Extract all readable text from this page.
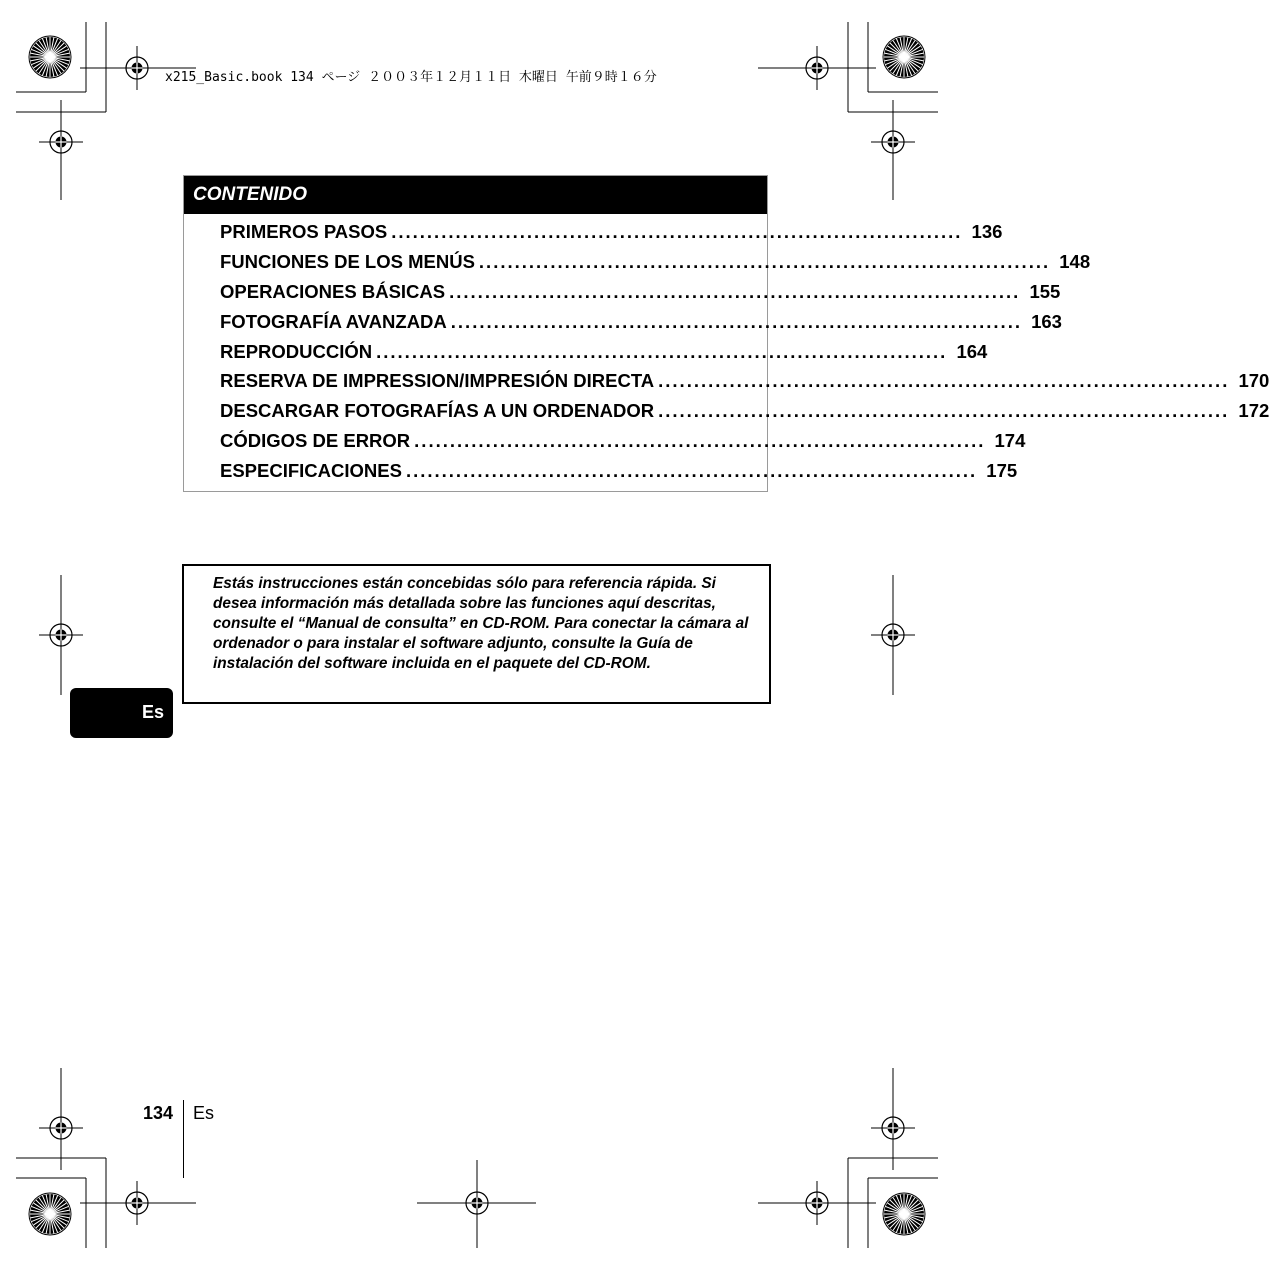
x215_Basic.book 134 ページ ２００３年１２月１１日 木曜日 午前９時１６分
CONTENIDO
PRIMEROS PASOS ................................................................................ 136
FUNCIONES DE LOS MENÚS ................................................................................ 148
OPERACIONES BÁSICAS ................................................................................ 155
FOTOGRAFÍA AVANZADA ................................................................................ 163
REPRODUCCIÓN ................................................................................ 164
RESERVA DE IMPRESSION/IMPRESIÓN DIRECTA ................................................................................ 170
DESCARGAR FOTOGRAFÍAS A UN ORDENADOR ................................................................................ 172
CÓDIGOS DE ERROR ................................................................................ 174
ESPECIFICACIONES ................................................................................ 175
Estás instrucciones están concebidas sólo para referencia rápida. Si desea información más detallada sobre las funciones aquí descritas, consulte el “Manual de consulta” en CD-ROM. Para conectar la cámara al ordenador o para instalar el software adjunto, consulte la Guía de instalación del software incluida en el paquete del CD-ROM.
Es
134 Es
